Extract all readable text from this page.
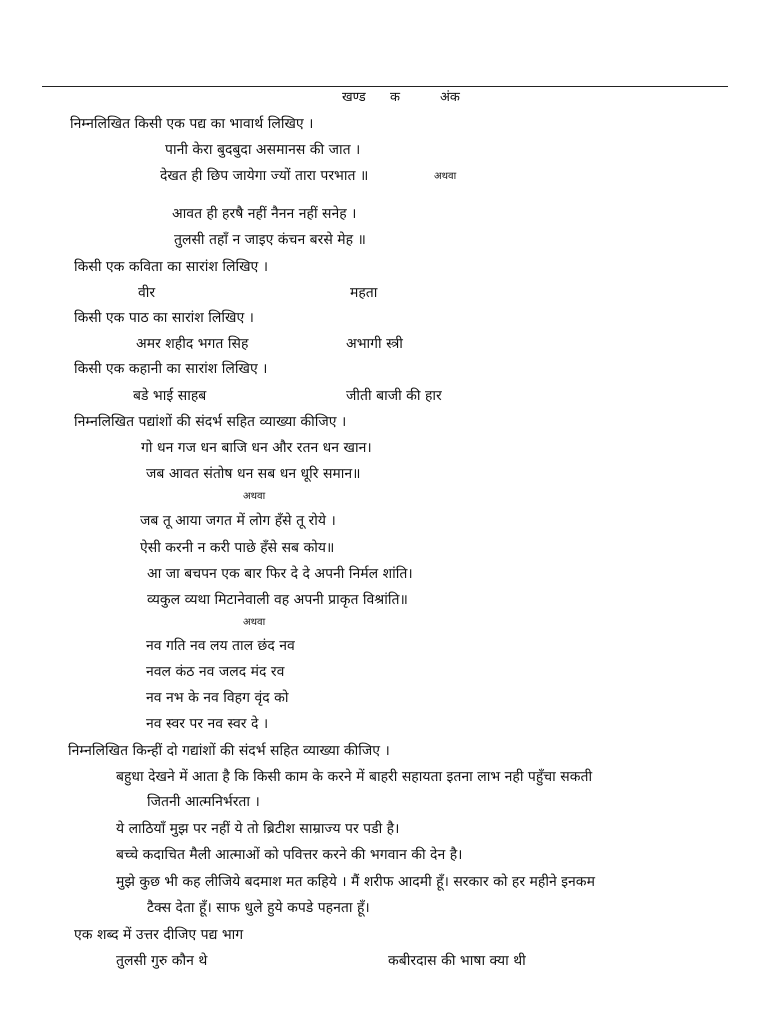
खण्ड क	अंक
निम्नलिखित किसी एक पद्य का भावार्थ लिखिए ।
पानी केरा बुदबुदा असमानस की जात ।
देखत ही छिप जायेगा ज्यों तारा परभात ॥	अथवा
आवत ही हरषै नहीं नैनन नहीं सनेह ।
तुलसी तहाँ न जाइए कंचन बरसे मेह ॥
किसी एक कविता का सारांश लिखिए ।
वीर	महता
किसी एक पाठ का सारांश लिखिए ।
अमर शहीद भगत सिह	अभागी स्त्री
किसी एक कहानी का सारांश लिखिए ।
बडे भाई साहब	जीती बाजी की हार
निम्नलिखित पद्यांशों की संदर्भ सहित व्याख्या कीजिए ।
गो धन गज धन बाजि धन और रतन धन खान।
जब आवत संतोष धन सब धन धूरि समान॥
अथवा
जब तू आया जगत में लोग हँसे तू रोये ।
ऐसी करनी न करी पाछे हँसे सब कोय॥
आ जा बचपन एक बार फिर दे दे अपनी निर्मल शांति।
व्यकुल व्यथा मिटानेवाली वह अपनी प्राकृत विश्रांति॥
अथवा
नव गति नव लय ताल छंद नव
नवल कंठ नव जलद मंद रव
नव नभ के नव विहग वृंद को
नव स्वर पर नव स्वर दे ।
निम्नलिखित किन्हीं दो गद्यांशों की संदर्भ सहित व्याख्या कीजिए ।
बहुधा देखने में आता है कि किसी काम के करने में बाहरी सहायता इतना लाभ नही पहुँचा सकती
जितनी आत्मनिर्भरता ।
ये लाठियाँ मुझ पर नहीं ये तो ब्रिटीश साम्राज्य पर पडी है।
बच्चे कदाचित मैली आत्माओं को पवित्तर करने की भगवान की देन है।
मुझे कुछ भी कह लीजिये बदमाश मत कहिये । मैं शरीफ आदमी हूँ। सरकार को हर महीने इनकम
टैक्स देता हूँ। साफ धुले हुये कपडे पहनता हूँ।
एक शब्द में उत्तर दीजिए पद्य भाग
तुलसी गुरु कौन थे	कबीरदास की भाषा क्या थी
